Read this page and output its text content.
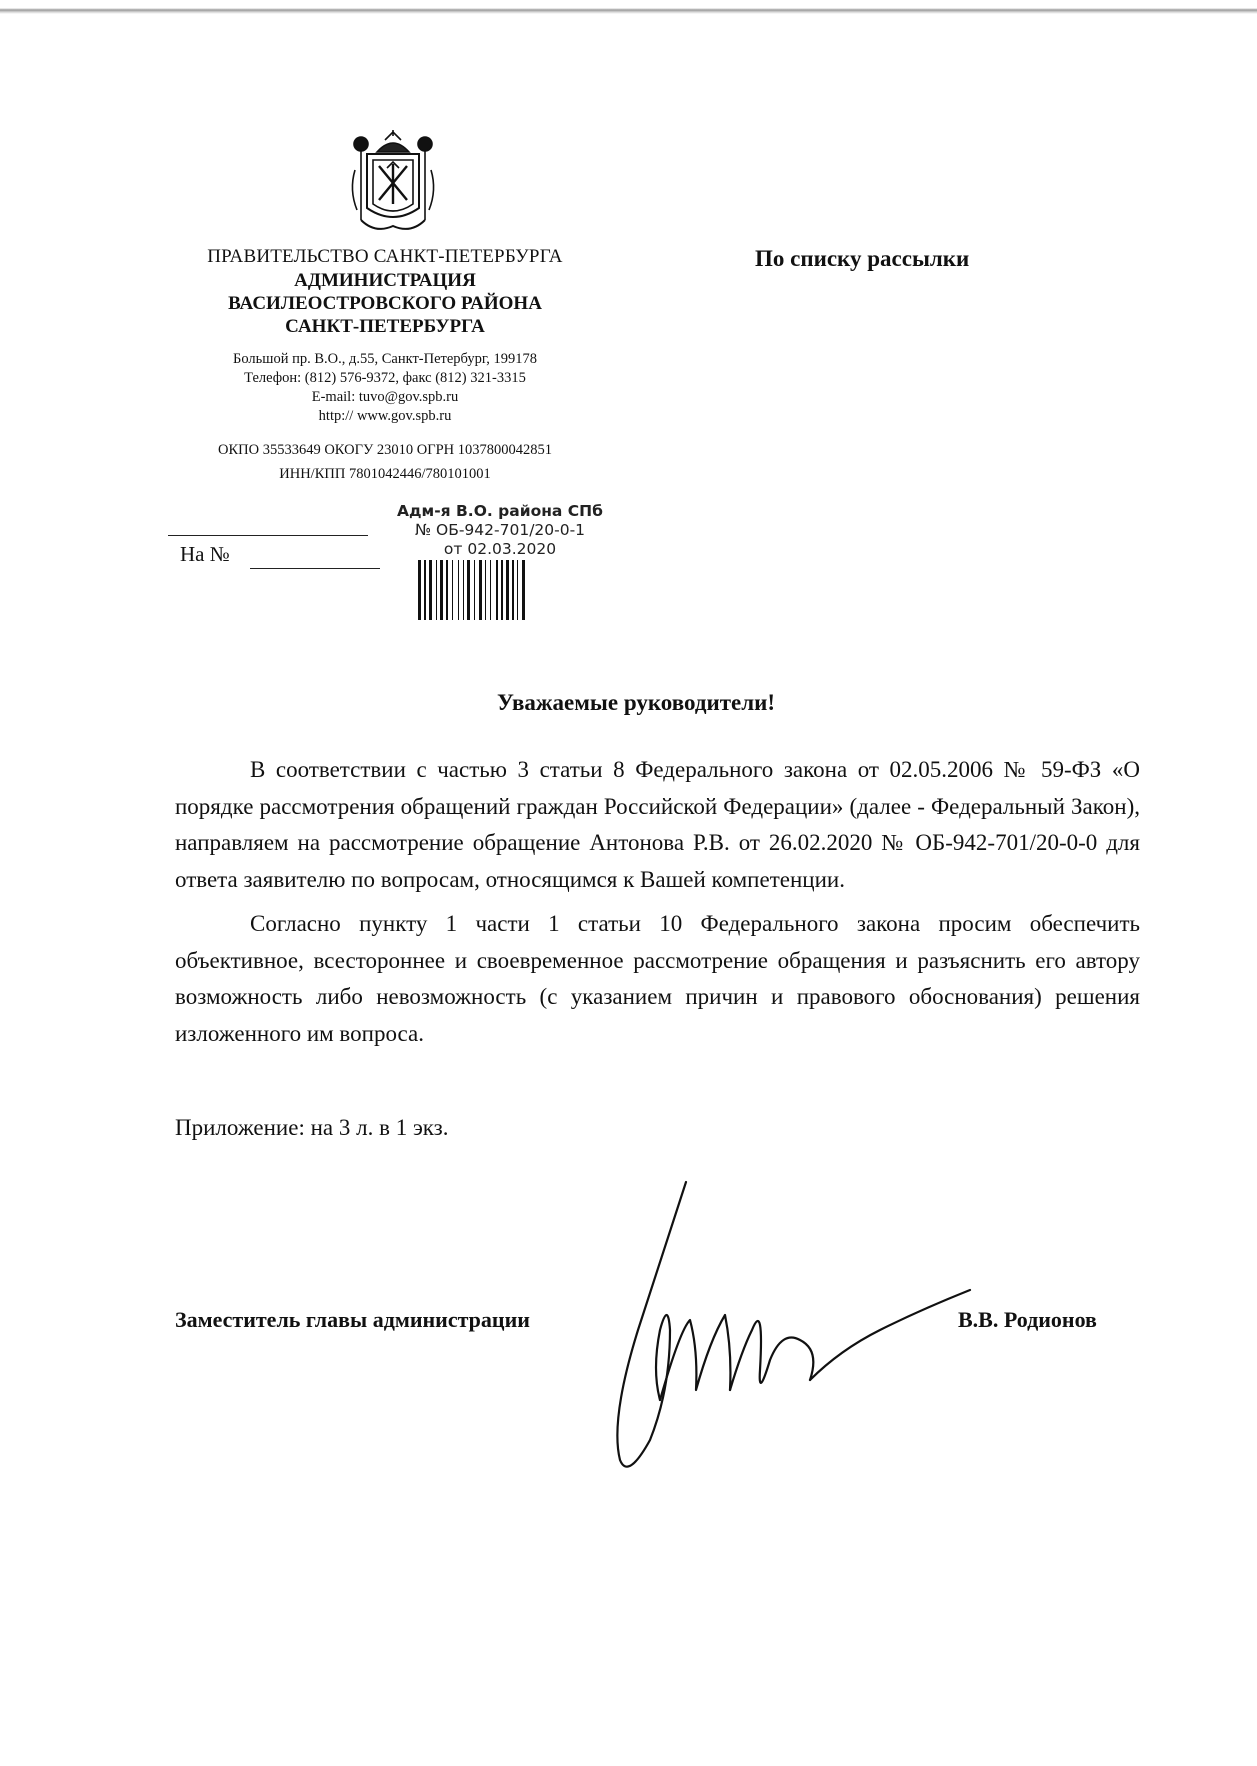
ПРАВИТЕЛЬСТВО САНКТ-ПЕТЕРБУРГА
АДМИНИСТРАЦИЯ
ВАСИЛЕОСТРОВСКОГО РАЙОНА
САНКТ-ПЕТЕРБУРГА
Большой пр. В.О., д.55, Санкт-Петербург, 199178
Телефон: (812) 576-9372, факс (812) 321-3315
E-mail: tuvo@gov.spb.ru
http:// www.gov.spb.ru
ОКПО 35533649 ОКОГУ 23010 ОГРН 1037800042851
ИНН/КПП 7801042446/780101001
По списку рассылки
На №
Адм-я В.О. района СПб
№ ОБ-942-701/20-0-1
от 02.03.2020
Уважаемые руководители!

В соответствии с частью 3 статьи 8 Федерального закона от 02.05.2006 № 59-ФЗ «О порядке рассмотрения обращений граждан Российской Федерации» (далее - Федеральный Закон), направляем на рассмотрение обращение Антонова Р.В. от 26.02.2020 № ОБ-942-701/20-0-0 для ответа заявителю по вопросам, относящимся к Вашей компетенции.

Согласно пункту 1 части 1 статьи 10 Федерального закона просим обеспечить объективное, всестороннее и своевременное рассмотрение обращения и разъяснить его автору возможность либо невозможность (с указанием причин и правового обоснования) решения изложенного им вопроса.

Приложение: на 3 л. в 1 экз.
Заместитель главы администрации	В.В. Родионов
